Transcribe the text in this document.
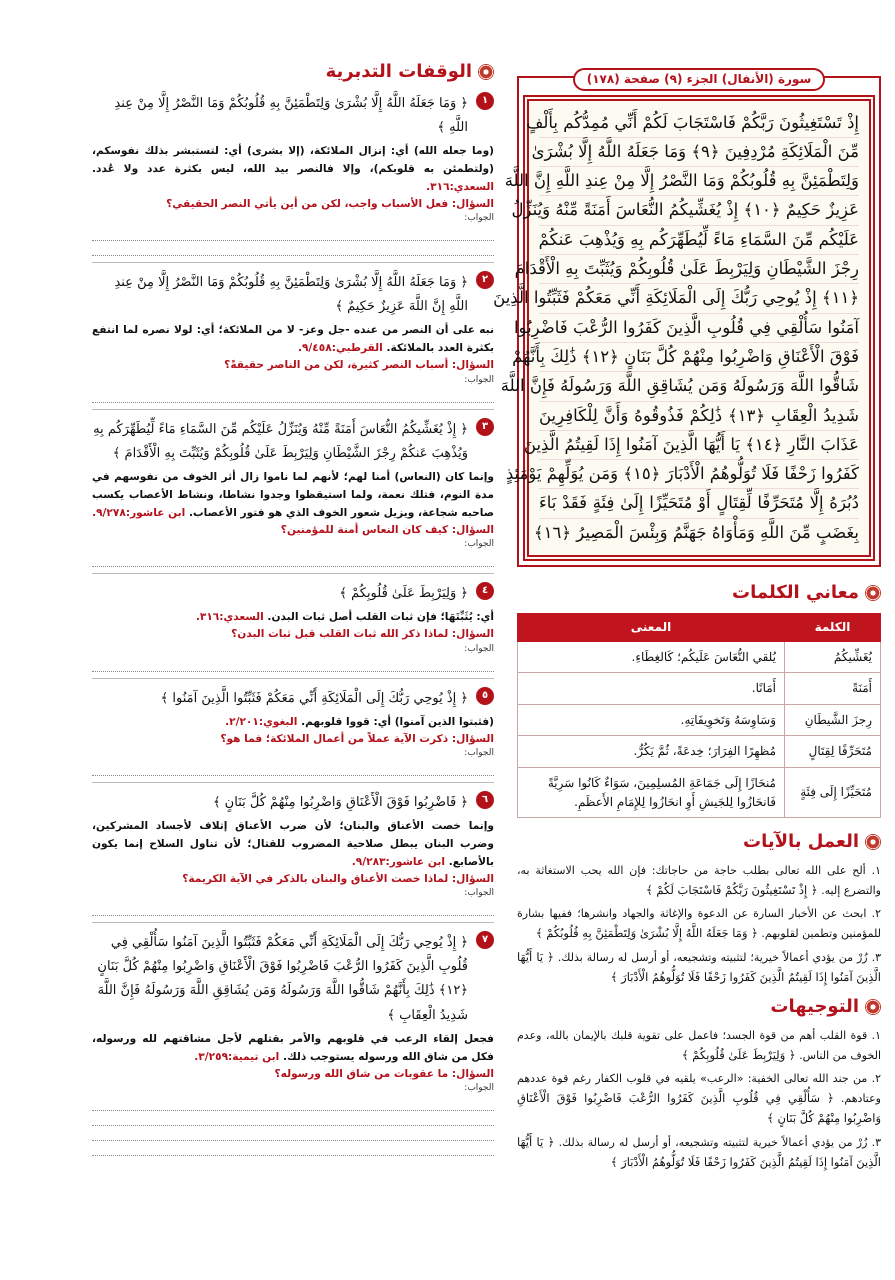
سورة (الأنفال) الجزء (٩) صفحة (١٧٨)

إِذْ تَسْتَغِيثُونَ رَبَّكُمْ فَاسْتَجَابَ لَكُمْ أَنِّي مُمِدُّكُم بِأَلْفٍ

مِّنَ الْمَلَائِكَةِ مُرْدِفِينَ ﴿٩﴾ وَمَا جَعَلَهُ اللَّهُ إِلَّا بُشْرَىٰ

وَلِتَطْمَئِنَّ بِهِ قُلُوبُكُمْ وَمَا النَّصْرُ إِلَّا مِنْ عِندِ اللَّهِ إِنَّ اللَّهَ

عَزِيزٌ حَكِيمٌ ﴿١٠﴾ إِذْ يُغَشِّيكُمُ النُّعَاسَ أَمَنَةً مِّنْهُ وَيُنَزِّلُ

عَلَيْكُم مِّنَ السَّمَاءِ مَاءً لِّيُطَهِّرَكُم بِهِ وَيُذْهِبَ عَنكُمْ

رِجْزَ الشَّيْطَانِ وَلِيَرْبِطَ عَلَىٰ قُلُوبِكُمْ وَيُثَبِّتَ بِهِ الْأَقْدَامَ

﴿١١﴾ إِذْ يُوحِي رَبُّكَ إِلَى الْمَلَائِكَةِ أَنِّي مَعَكُمْ فَثَبِّتُوا الَّذِينَ

آمَنُوا سَأُلْقِي فِي قُلُوبِ الَّذِينَ كَفَرُوا الرُّعْبَ فَاضْرِبُوا

فَوْقَ الْأَعْنَاقِ وَاضْرِبُوا مِنْهُمْ كُلَّ بَنَانٍ ﴿١٢﴾ ذَٰلِكَ بِأَنَّهُمْ

شَاقُّوا اللَّهَ وَرَسُولَهُ وَمَن يُشَاقِقِ اللَّهَ وَرَسُولَهُ فَإِنَّ اللَّهَ

شَدِيدُ الْعِقَابِ ﴿١٣﴾ ذَٰلِكُمْ فَذُوقُوهُ وَأَنَّ لِلْكَافِرِينَ

عَذَابَ النَّارِ ﴿١٤﴾ يَا أَيُّهَا الَّذِينَ آمَنُوا إِذَا لَقِيتُمُ الَّذِينَ

كَفَرُوا زَحْفًا فَلَا تُوَلُّوهُمُ الْأَدْبَارَ ﴿١٥﴾ وَمَن يُوَلِّهِمْ يَوْمَئِذٍ

دُبُرَهُ إِلَّا مُتَحَرِّفًا لِّقِتَالٍ أَوْ مُتَحَيِّزًا إِلَىٰ فِئَةٍ فَقَدْ بَاءَ

بِغَضَبٍ مِّنَ اللَّهِ وَمَأْوَاهُ جَهَنَّمُ وَبِئْسَ الْمَصِيرُ ﴿١٦﴾

معاني الكلمات
الكلمة	المعنى
يُغَشِّيكُمُ	يُلقي النُّعَاسَ عَلَيكُم؛ كَالغِطَاءِ.
أَمَنَةً	أَمَانًا.
رِجزَ الشَّيطَانِ	وَسَاوِسَهُ وَتَخوِيفَاتِهِ.
مُتَحَرِّفًا لِقِتَالٍ	مُظهِرًا الفِرَارَ؛ خِدعَةً، ثُمَّ يَكُرُّ.
مُتَحَيِّزًا إِلَى فِئَةٍ	مُنحَازًا إِلَى جَمَاعَةِ المُسلِمِينَ، سَوَاءٌ كَانُوا سَرِيَّةً فَانحَازُوا لِلجَيشِ أَوِ انحَازُوا لِلإِمَامِ الأَعظَمِ.
العمل بالآيات

١. ألح على الله تعالى بطلب حاجة من حاجاتك: فإن الله يحب الاستغاثة به، والتضرع إليه. ﴿ إِذْ تَسْتَغِيثُونَ رَبَّكُمْ فَاسْتَجَابَ لَكُمْ ﴾

٢. ابحث عن الأخبار السارة عن الدعوة والإغاثة والجهاد وانشرها؛ ففيها بشارة للمؤمنين وتطمين لقلوبهم. ﴿ وَمَا جَعَلَهُ اللَّهُ إِلَّا بُشْرَىٰ وَلِتَطْمَئِنَّ بِهِ قُلُوبُكُمْ ﴾

٣. زُرْ من يؤدي أعمالاً خيرية؛ لتثبيته وتشجيعه، أو أرسل له رسالة بذلك. ﴿ يَا أَيُّهَا الَّذِينَ آمَنُوا إِذَا لَقِيتُمُ الَّذِينَ كَفَرُوا زَحْفًا فَلَا تُوَلُّوهُمُ الْأَدْبَارَ ﴾

التوجيهات

١. قوة القلب أهم من قوة الجسد؛ فاعمل على تقوية قلبك بالإيمان بالله، وعدم الخوف من الناس. ﴿ وَلِيَرْبِطَ عَلَىٰ قُلُوبِكُمْ ﴾

٢. من جند الله تعالى الخفية: «الرعب» يلقيه في قلوب الكفار رغم قوة عددهم وعتادهم. ﴿ سَأُلْقِي فِي قُلُوبِ الَّذِينَ كَفَرُوا الرُّعْبَ فَاضْرِبُوا فَوْقَ الْأَعْنَاقِ وَاضْرِبُوا مِنْهُمْ كُلَّ بَنَانٍ ﴾

٣. زُرْ من يؤدي أعمالاً خيرية لتثبيته وتشجيعه، أو أرسل له رسالة بذلك. ﴿ يَا أَيُّهَا الَّذِينَ آمَنُوا إِذَا لَقِيتُمُ الَّذِينَ كَفَرُوا زَحْفًا فَلَا تُوَلُّوهُمُ الْأَدْبَارَ ﴾

الوقفات التدبرية
١
﴿ وَمَا جَعَلَهُ اللَّهُ إِلَّا بُشْرَىٰ وَلِتَطْمَئِنَّ بِهِ قُلُوبُكُمْ وَمَا النَّصْرُ إِلَّا مِنْ عِندِ اللَّهِ ﴾
(وما جعله الله) أي: إنزال الملائكة، (إلا بشرى) أي: لتستبشر بذلك نفوسكم، (ولتطمئن به قلوبكم)، وإلا فالنصر بيد الله، ليس بكثرة عدد ولا عُدد. السعدي:٣١٦.
السؤال: فعل الأسباب واجب، لكن من أين يأتي النصر الحقيقي؟
الجواب:
٢
﴿ وَمَا جَعَلَهُ اللَّهُ إِلَّا بُشْرَىٰ وَلِتَطْمَئِنَّ بِهِ قُلُوبُكُمْ وَمَا النَّصْرُ إِلَّا مِنْ عِندِ اللَّهِ إِنَّ اللَّهَ عَزِيزٌ حَكِيمٌ ﴾
نبه على أن النصر من عنده -جل وعز- لا من الملائكة؛ أي: لولا نصره لما انتفع بكثرة العدد بالملائكة. القرطبي:٩/٤٥٨.
السؤال: أسباب النصر كثيرة، لكن من الناصر حقيقةً؟
الجواب:
٣
﴿ إِذْ يُغَشِّيكُمُ النُّعَاسَ أَمَنَةً مِّنْهُ وَيُنَزِّلُ عَلَيْكُم مِّنَ السَّمَاءِ مَاءً لِّيُطَهِّرَكُم بِهِ وَيُذْهِبَ عَنكُمْ رِجْزَ الشَّيْطَانِ وَلِيَرْبِطَ عَلَىٰ قُلُوبِكُمْ وَيُثَبِّتَ بِهِ الْأَقْدَامَ ﴾
وإنما كان (النعاس) أمنا لهم؛ لأنهم لما ناموا زال أثر الخوف من نفوسهم في مدة النوم، فتلك نعمة، ولما استيقظوا وجدوا نشاطا، ونشاط الأعصاب يكسب صاحبه شجاعة، ويزيل شعور الخوف الذي هو فتور الأعصاب. ابن عاشور:٩/٢٧٨.
السؤال: كيف كان النعاس أمنة للمؤمنين؟
الجواب:
٤
﴿ وَلِيَرْبِطَ عَلَىٰ قُلُوبِكُمْ ﴾
أي: يُثَبِّتَهَا؛ فإن ثبات القلب أصل ثبات البدن. السعدي:٣١٦.
السؤال: لماذا ذكر الله ثبات القلب قبل ثبات البدن؟
الجواب:
٥
﴿ إِذْ يُوحِي رَبُّكَ إِلَى الْمَلَائِكَةِ أَنِّي مَعَكُمْ فَثَبِّتُوا الَّذِينَ آمَنُوا ﴾
(فثبتوا الذين آمنوا) أي: قووا قلوبهم. البغوي:٢/٢٠١.
السؤال: ذكرت الآية عملاً من أعمال الملائكة؛ فما هو؟
الجواب:
٦
﴿ فَاضْرِبُوا فَوْقَ الْأَعْنَاقِ وَاضْرِبُوا مِنْهُمْ كُلَّ بَنَانٍ ﴾
وإنما خصت الأعناق والبنان؛ لأن ضرب الأعناق إتلاف لأجساد المشركين، وضرب البنان يبطل صلاحية المضروب للقتال؛ لأن تناول السلاح إنما يكون بالأصابع. ابن عاشور:٩/٢٨٣.
السؤال: لماذا خصت الأعناق والبنان بالذكر في الآية الكريمة؟
الجواب:
٧
﴿ إِذْ يُوحِي رَبُّكَ إِلَى الْمَلَائِكَةِ أَنِّي مَعَكُمْ فَثَبِّتُوا الَّذِينَ آمَنُوا سَأُلْقِي فِي قُلُوبِ الَّذِينَ كَفَرُوا الرُّعْبَ فَاضْرِبُوا فَوْقَ الْأَعْنَاقِ وَاضْرِبُوا مِنْهُمْ كُلَّ بَنَانٍ ﴿١٢﴾ ذَٰلِكَ بِأَنَّهُمْ شَاقُّوا اللَّهَ وَرَسُولَهُ وَمَن يُشَاقِقِ اللَّهَ وَرَسُولَهُ فَإِنَّ اللَّهَ شَدِيدُ الْعِقَابِ ﴾
فجعل إلقاء الرعب في قلوبهم والأمر بقتلهم لأجل مشاقتهم لله ورسوله، فكل من شاق الله ورسوله يستوجب ذلك. ابن تيمية:٣/٢٥٩.
السؤال: ما عقوبات من شاق الله ورسوله؟
الجواب:
